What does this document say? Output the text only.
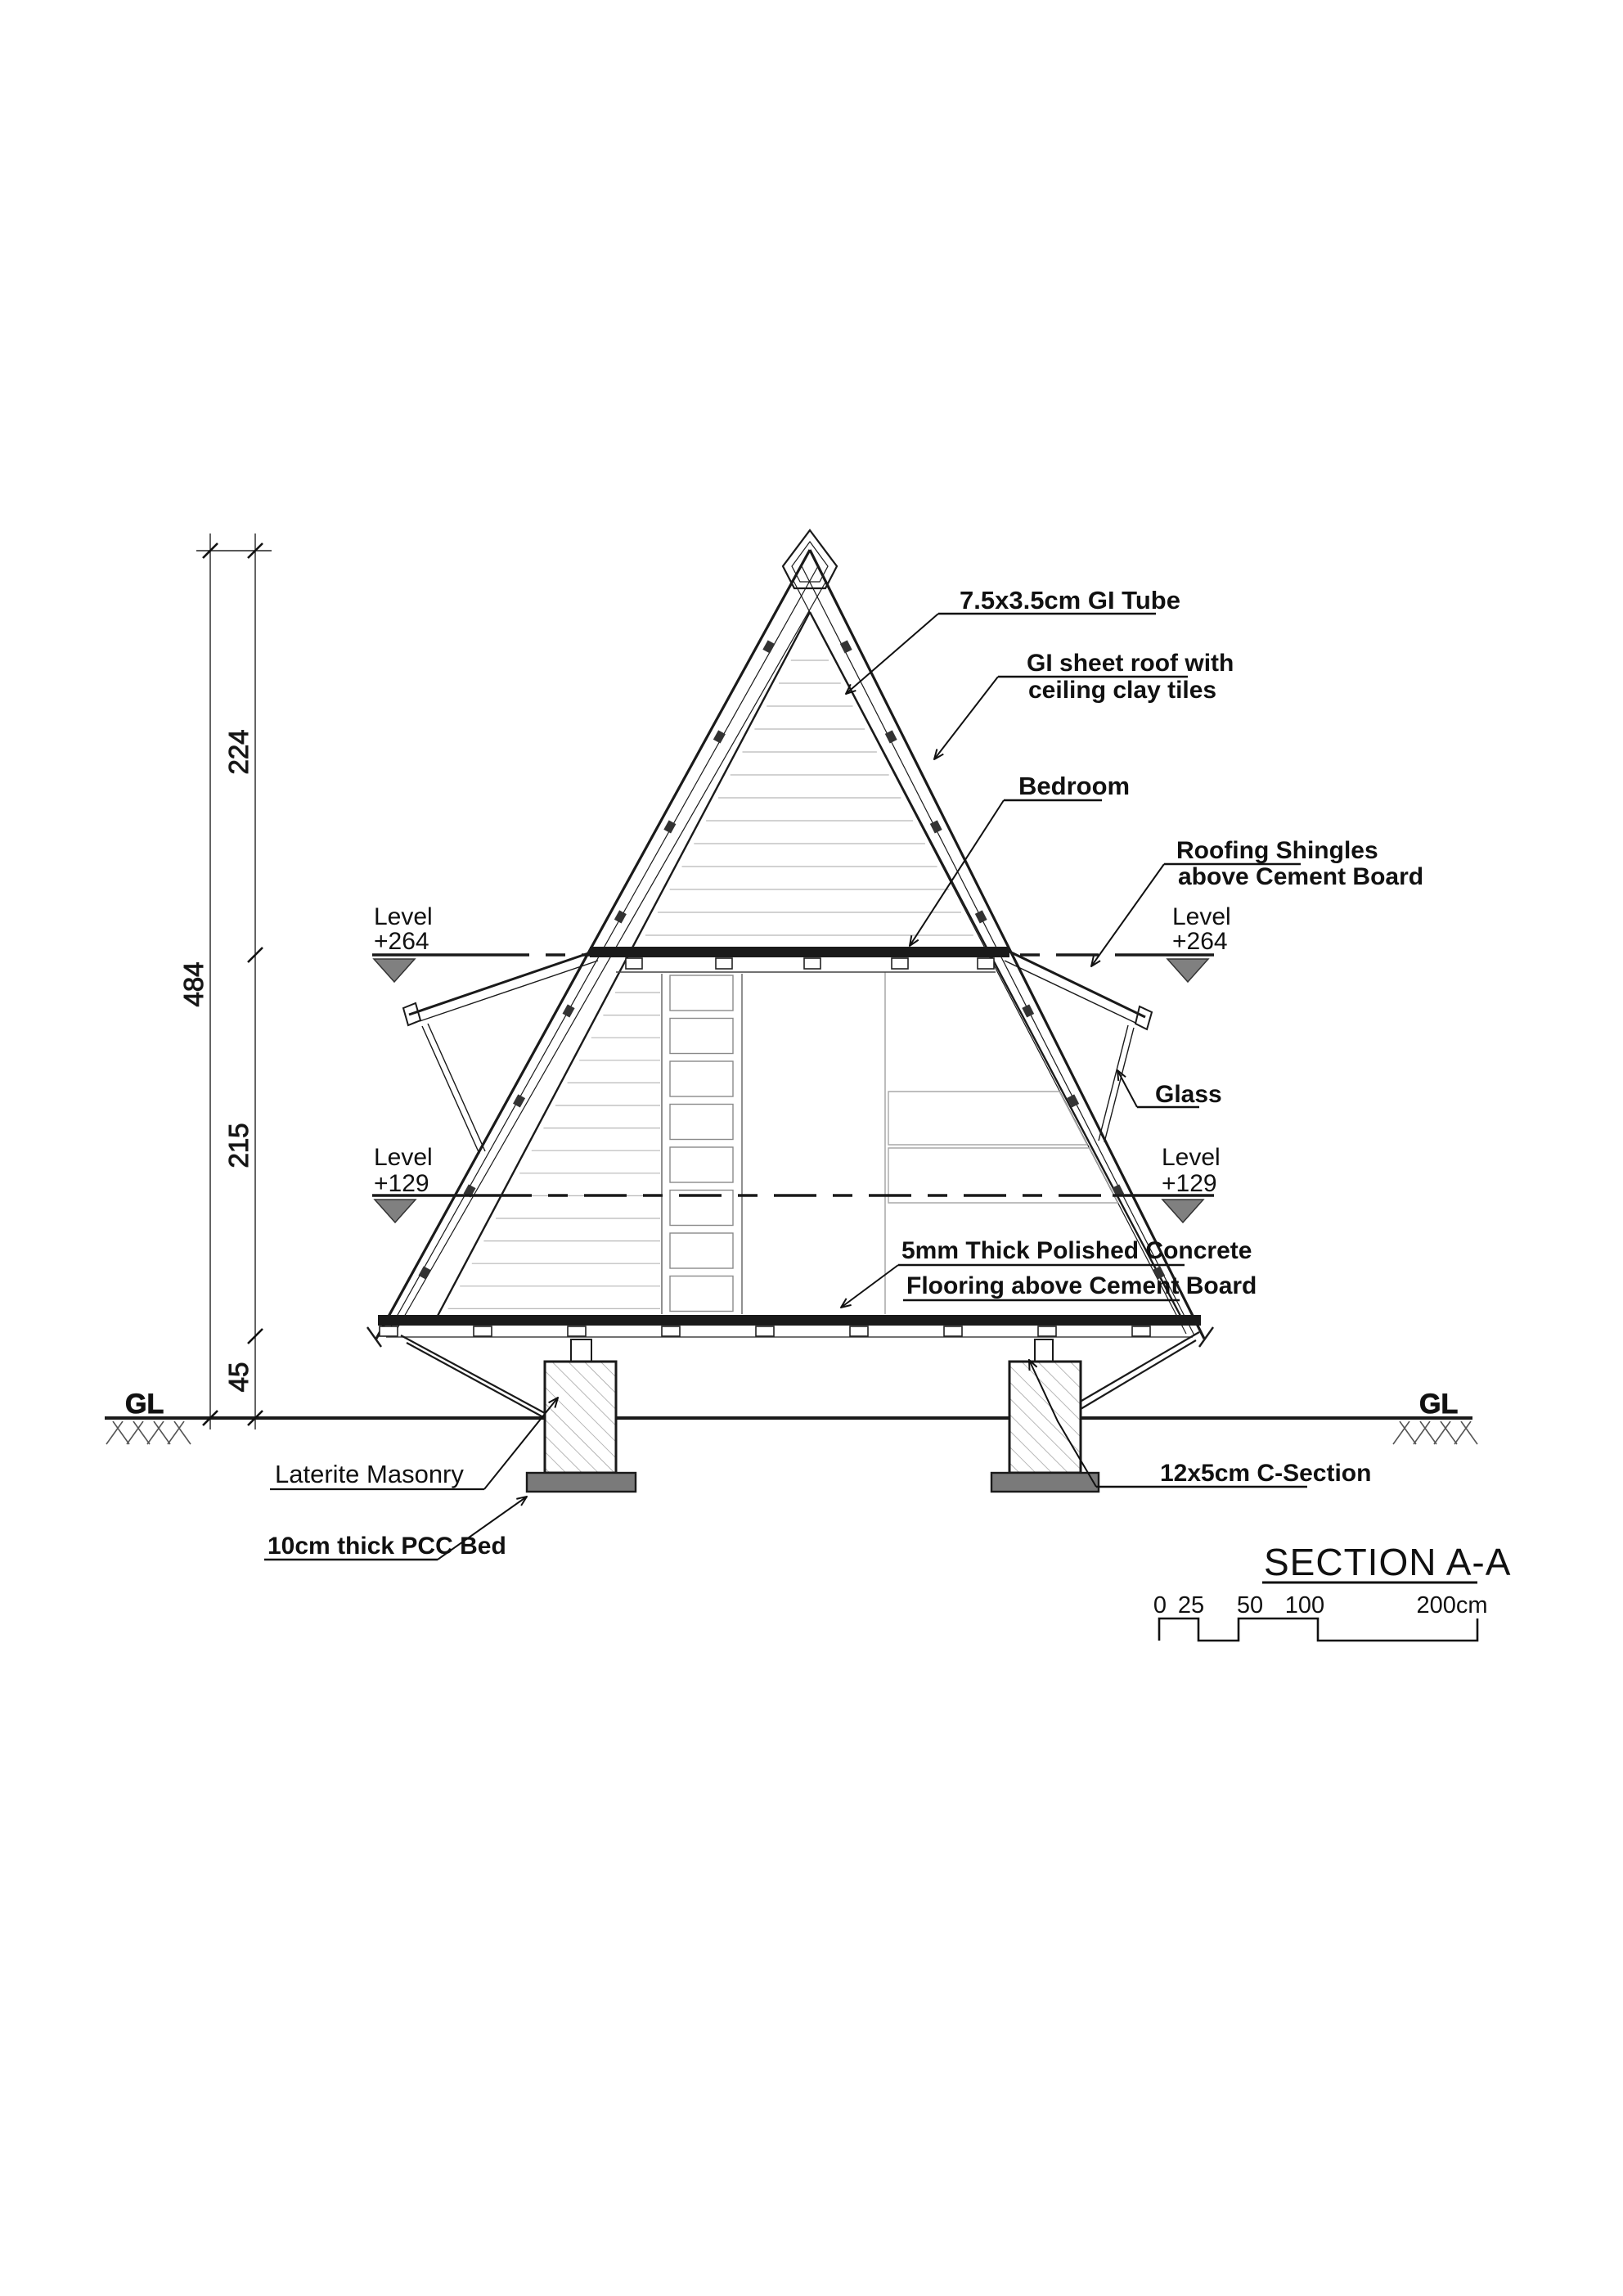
GL	GL
Level
+264
Level
+264
Level
+129
Level
+129
484
224
215
45
7.5x3.5cm GI Tube
GI sheet roof with
ceiling clay tiles
Bedroom
Roofing Shingles
above Cement Board
Glass
5mm Thick Polished Concrete
Flooring above Cement Board
Laterite Masonry	12x5cm C-Section
10cm thick PCC Bed	SECTION A-A
0 25 50 100	200cm
